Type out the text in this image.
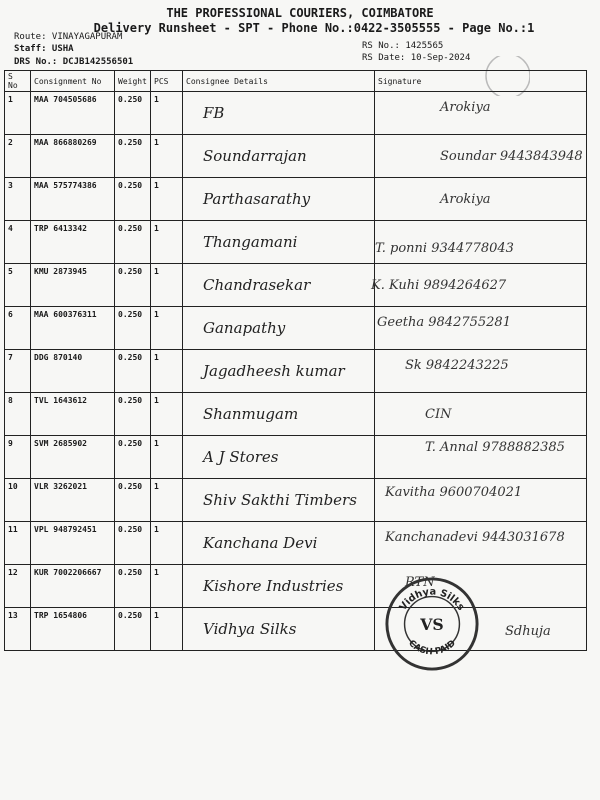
THE PROFESSIONAL COURIERS, COIMBATORE
Delivery Runsheet - SPT - Phone No.:0422-3505555 - Page No.:1
Route: VINAYAGAPURAM
Staff: USHA
DRS No.: DCJB142556501
RS No.: 1425565
RS Date: 10-Sep-2024
S No	Consignment No	Weight	PCS	Consignee Details	Signature
1	MAA 704505686	0.250	1	FB	Arokiya

2	MAA 866880269	0.250	1	Soundarrajan	Soundar 9443843948

3	MAA 575774386	0.250	1	Parthasarathy	Arokiya

4	TRP 6413342	0.250	1	Thangamani	T. ponni 9344778043

5	KMU 2873945	0.250	1	Chandrasekar	K. Kuhi 9894264627

6	MAA 600376311	0.250	1	Ganapathy	Geetha 9842755281

7	DDG 870140	0.250	1	Jagadheesh kumar	Sk 9842243225

8	TVL 1643612	0.250	1	Shanmugam	CIN

9	SVM 2685902	0.250	1	A J Stores	T. Annal 9788882385

10	VLR 3262021	0.250	1	Shiv Sakthi Timbers	Kavitha 9600704021

11	VPL 948792451	0.250	1	Kanchana Devi	Kanchanadevi 9443031678

12	KUR 7002206667	0.250	1	Kishore Industries	RTN

13	TRP 1654806	0.250	1	Vidhya Silks	Sdhuja
Vidhya Silks
CASH PAID
VS
